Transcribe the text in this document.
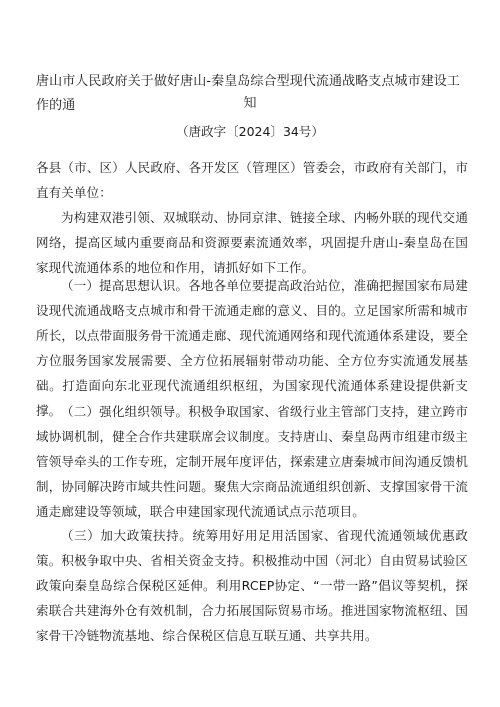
唐山市人民政府关于做好唐山-秦皇岛综合型现代流通战略支点城市建设工作的通	知
（唐政字〔2024〕34号）
各县（市、区）人民政府、各开发区（管理区）管委会，市政府有关部门，市直有关单位：
为构建双港引领、双城联动、协同京津、链接全球、内畅外联的现代交通网络，提高区域内重要商品和资源要素流通效率，巩固提升唐山-秦皇岛在国家现代流通体系的地位和作用，请抓好如下工作。
（一）提高思想认识。各地各单位要提高政治站位，准确把握国家布局建设现代流通战略支点城市和骨干流通走廊的意义、目的。立足国家所需和城市所长，以点带面服务骨干流通走廊、现代流通网络和现代流通体系建设，要全方位服务国家发展需要、全方位拓展辐射带动功能、全方位夯实流通发展基础。打造面向东北亚现代流通组织枢纽，为国家现代流通体系建设提供新支撑。 （二）强化组织领导。积极争取国家、省级行业主管部门支持，建立跨市域协调机制，健全合作共建联席会议制度。支持唐山、秦皇岛两市组建市级主管领导牵头的工作专班，定制开展年度评估，探索建立唐秦城市间沟通反馈机制，协同解决跨市域共性问题。聚焦大宗商品流通组织创新、支撑国家骨干流通走廊建设等领域，联合申建国家现代流通试点示范项目。
（三）加大政策扶持。统筹用好用足用活国家、省现代流通领域优惠政策。积极争取中央、省相关资金支持。积极推动中国（河北）自由贸易试验区政策向秦皇岛综合保税区延伸。利用RCEP协定、“一带一路”倡议等契机，探索联合共建海外仓有效机制，合力拓展国际贸易市场。推进国家物流枢纽、国家骨干冷链物流基地、综合保税区信息互联互通、共享共用。
